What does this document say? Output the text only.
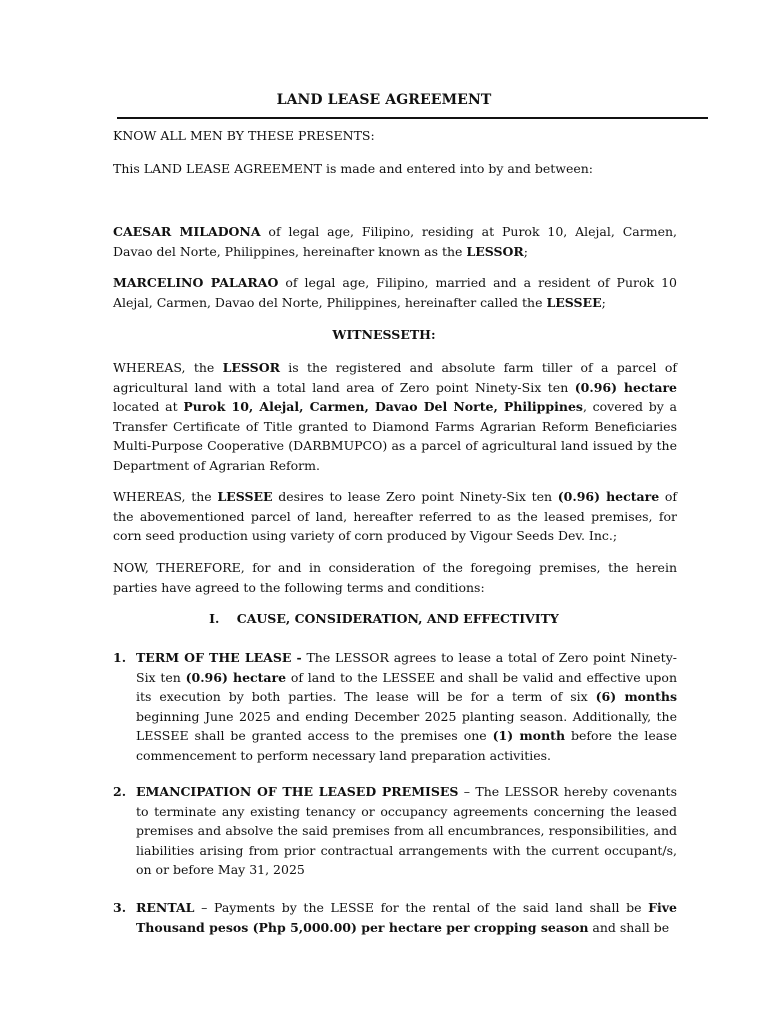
LAND LEASE AGREEMENT
KNOW ALL MEN BY THESE PRESENTS:
This LAND LEASE AGREEMENT is made and entered into by and between:
CAESAR MILADONA of legal age, Filipino, residing at Purok 10, Alejal, Carmen, Davao del Norte, Philippines, hereinafter known as the LESSOR;
MARCELINO PALARAO of legal age, Filipino, married and a resident of Purok 10 Alejal, Carmen, Davao del Norte, Philippines, hereinafter called the LESSEE;
WITNESSETH:
WHEREAS, the LESSOR is the registered and absolute farm tiller of a parcel of agricultural land with a total land area of Zero point Ninety-Six ten (0.96) hectare located at Purok 10, Alejal, Carmen, Davao Del Norte, Philippines, covered by a Transfer Certificate of Title granted to Diamond Farms Agrarian Reform Beneficiaries Multi-Purpose Cooperative (DARBMUPCO) as a parcel of agricultural land issued by the Department of Agrarian Reform.
WHEREAS, the LESSEE desires to lease Zero point Ninety-Six ten (0.96) hectare of the abovementioned parcel of land, hereafter referred to as the leased premises, for corn seed production using variety of corn produced by Vigour Seeds Dev. Inc.;
NOW, THEREFORE, for and in consideration of the foregoing premises, the herein parties have agreed to the following terms and conditions:
I.    CAUSE, CONSIDERATION, AND EFFECTIVITY
1. TERM OF THE LEASE - The LESSOR agrees to lease a total of Zero point Ninety-Six ten (0.96) hectare of land to the LESSEE and shall be valid and effective upon its execution by both parties. The lease will be for a term of six (6) months beginning June 2025 and ending December 2025 planting season. Additionally, the LESSEE shall be granted access to the premises one (1) month before the lease commencement to perform necessary land preparation activities.
2. EMANCIPATION OF THE LEASED PREMISES – The LESSOR hereby covenants to terminate any existing tenancy or occupancy agreements concerning the leased premises and absolve the said premises from all encumbrances, responsibilities, and liabilities arising from prior contractual arrangements with the current occupant/s, on or before May 31, 2025
3. RENTAL – Payments by the LESSE for the rental of the said land shall be Five Thousand pesos (Php 5,000.00) per hectare per cropping season and shall be
